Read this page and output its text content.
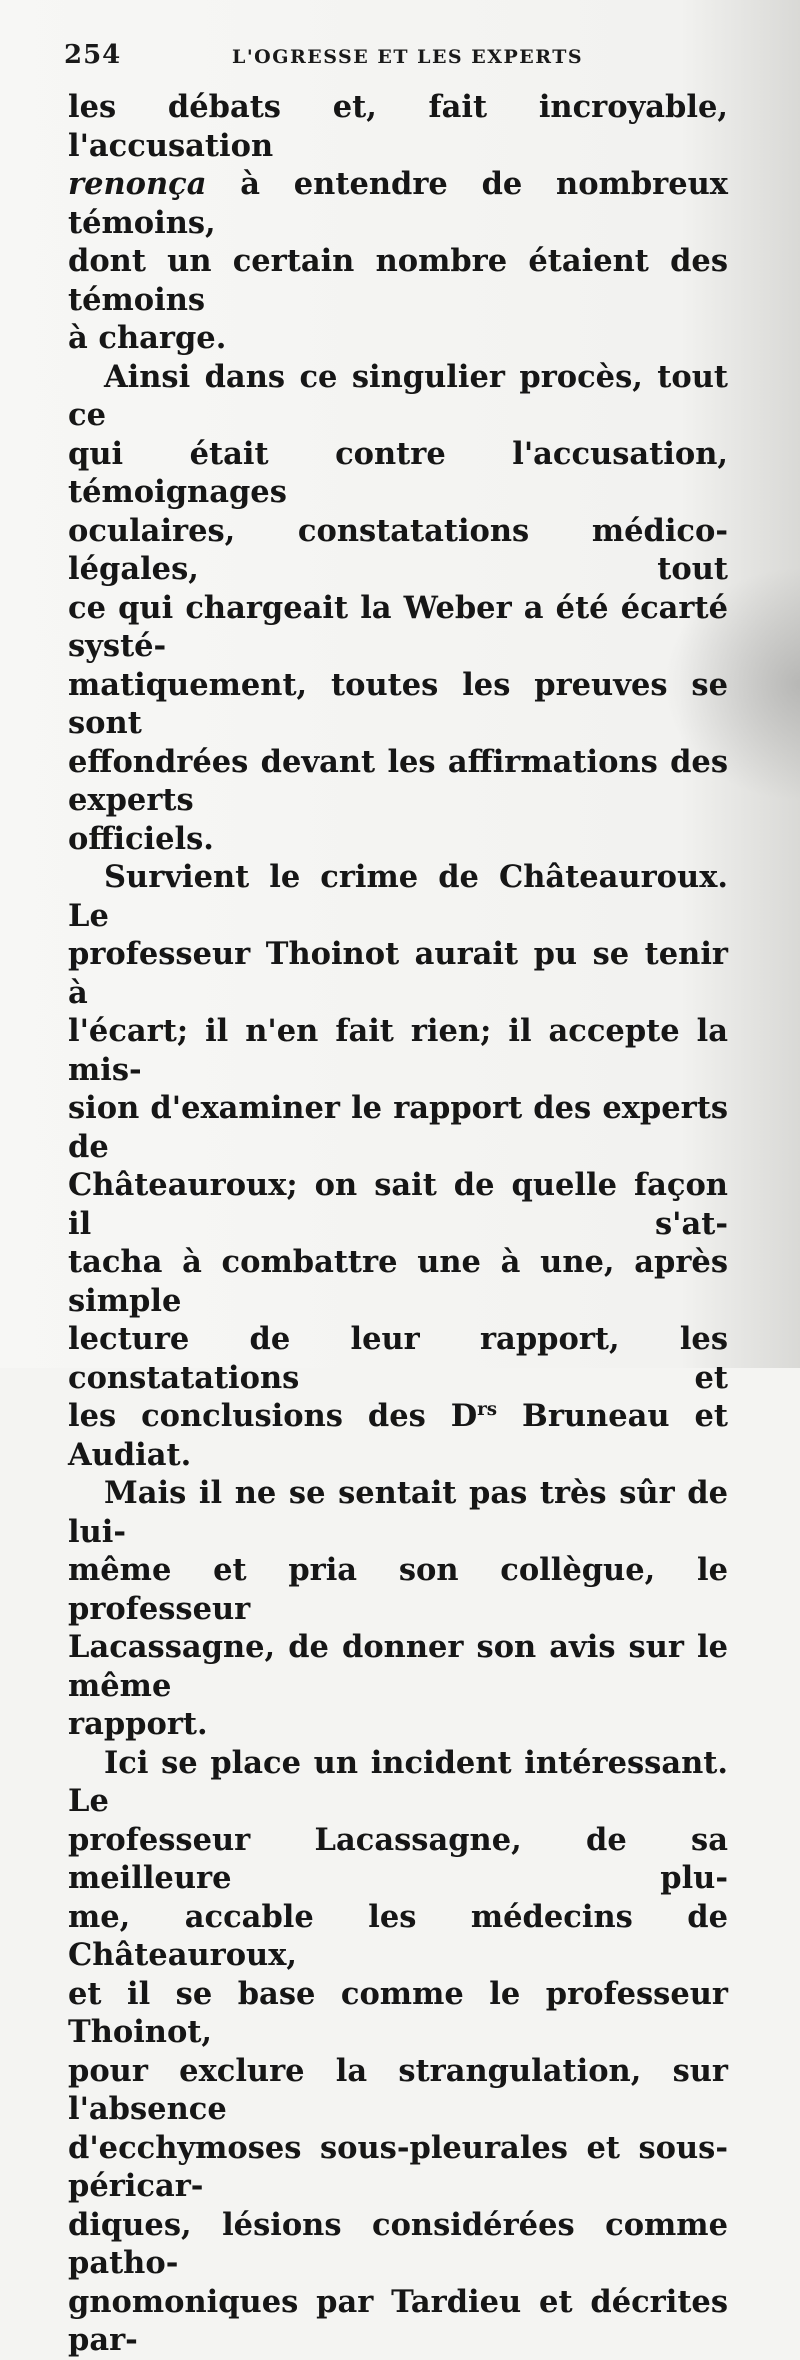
254	L'OGRESSE ET LES EXPERTS

les débats et, fait incroyable, l'accusation

renonça à entendre de nombreux témoins,

dont un certain nombre étaient des témoins

à charge.

Ainsi dans ce singulier procès, tout ce

qui était contre l'accusation, témoignages

oculaires, constatations médico-légales, tout

ce qui chargeait la Weber a été écarté systé-

matiquement, toutes les preuves se sont

effondrées devant les affirmations des experts

officiels.

Survient le crime de Châteauroux. Le

professeur Thoinot aurait pu se tenir à

l'écart; il n'en fait rien; il accepte la mis-

sion d'examiner le rapport des experts de

Châteauroux; on sait de quelle façon il s'at-

tacha à combattre une à une, après simple

lecture de leur rapport, les constatations et

les conclusions des $D^{rs}$ Bruneau et Audiat.

Mais il ne se sentait pas très sûr de lui-

même et pria son collègue, le professeur

Lacassagne, de donner son avis sur le même

rapport.

Ici se place un incident intéressant. Le

professeur Lacassagne, de sa meilleure plu-

me, accable les médecins de Châteauroux,

et il se base comme le professeur Thoinot,

pour exclure la strangulation, sur l'absence

d'ecchymoses sous-pleurales et sous-péricar-

diques, lésions considérées comme patho-

gnomoniques par Tardieu et décrites par-
